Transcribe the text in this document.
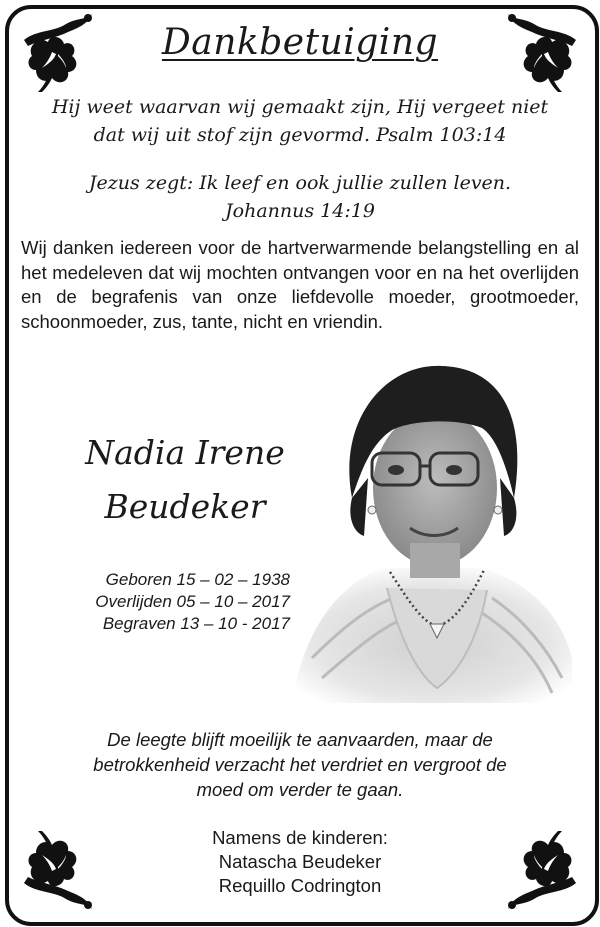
Dankbetuiging
Hij weet waarvan wij gemaakt zijn, Hij vergeet niet
dat wij uit stof zijn gevormd. Psalm 103:14
Jezus zegt: Ik leef en ook jullie zullen leven.
Johannus 14:19
Wij danken iedereen voor de hartverwarmende belangstelling en al het medeleven dat wij mochten ontvangen voor en na het overlijden en de begrafenis van onze liefdevolle moeder, grootmoeder, schoonmoeder, zus, tante, nicht en vriendin.
Nadia Irene
Beudeker
Geboren 15 – 02 – 1938
Overlijden 05 – 10 – 2017
Begraven 13 – 10 - 2017
De leegte blijft moeilijk te aanvaarden, maar de
betrokkenheid verzacht het verdriet en vergroot de
moed om verder te gaan.
Namens de kinderen:
Natascha Beudeker
Requillo Codrington
